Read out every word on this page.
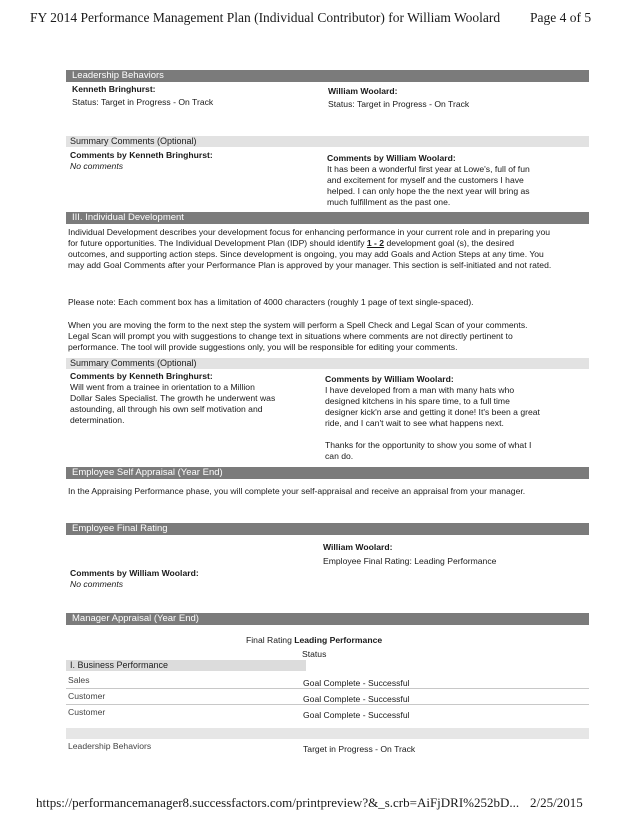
FY 2014 Performance Management Plan (Individual Contributor) for William Woolard Page 4 of 5
Leadership Behaviors
Kenneth Bringhurst:
Status: Target in Progress - On Track
William Woolard:
Status: Target in Progress - On Track
Summary Comments (Optional)
Comments by Kenneth Bringhurst:
No comments
Comments by William Woolard:
It has been a wonderful first year at Lowe's, full of fun
and excitement for myself and the customers I have
helped. I can only hope the the next year will bring as
much fulfillment as the past one.
III. Individual Development
Individual Development describes your development focus for enhancing performance in your current role and in preparing you for future opportunities. The Individual Development Plan (IDP) should identify 1 - 2 development goal (s), the desired outcomes, and supporting action steps. Since development is ongoing, you may add Goals and Action Steps at any time. You may add Goal Comments after your Performance Plan is approved by your manager. This section is self-initiated and not rated.
Please note: Each comment box has a limitation of 4000 characters (roughly 1 page of text single-spaced).
When you are moving the form to the next step the system will perform a Spell Check and Legal Scan of your comments. Legal Scan will prompt you with suggestions to change text in situations where comments are not directly pertinent to performance. The tool will provide suggestions only, you will be responsible for editing your comments.
Summary Comments (Optional)
Comments by Kenneth Bringhurst:
Will went from a trainee in orientation to a Million
Dollar Sales Specialist. The growth he underwent was
astounding, all through his own self motivation and
determination.
Comments by William Woolard:
I have developed from a man with many hats who
designed kitchens in his spare time, to a full time
designer kick'n arse and getting it done! It's been a great
ride, and I can't wait to see what happens next.
Thanks for the opportunity to show you some of what I
can do.
Employee Self Appraisal (Year End)
In the Appraising Performance phase, you will complete your self-appraisal and receive an appraisal from your manager.
Employee Final Rating
William Woolard:
Employee Final Rating: Leading Performance
Comments by William Woolard:
No comments
Manager Appraisal (Year End)
Final Rating Leading Performance
Status
I. Business Performance
Sales	Goal Complete - Successful
Customer	Goal Complete - Successful
Customer	Goal Complete - Successful
Leadership Behaviors	Target in Progress - On Track
https://performancemanager8.successfactors.com/printpreview?&_s.crb=AiFjDRI%252bD... 2/25/2015
